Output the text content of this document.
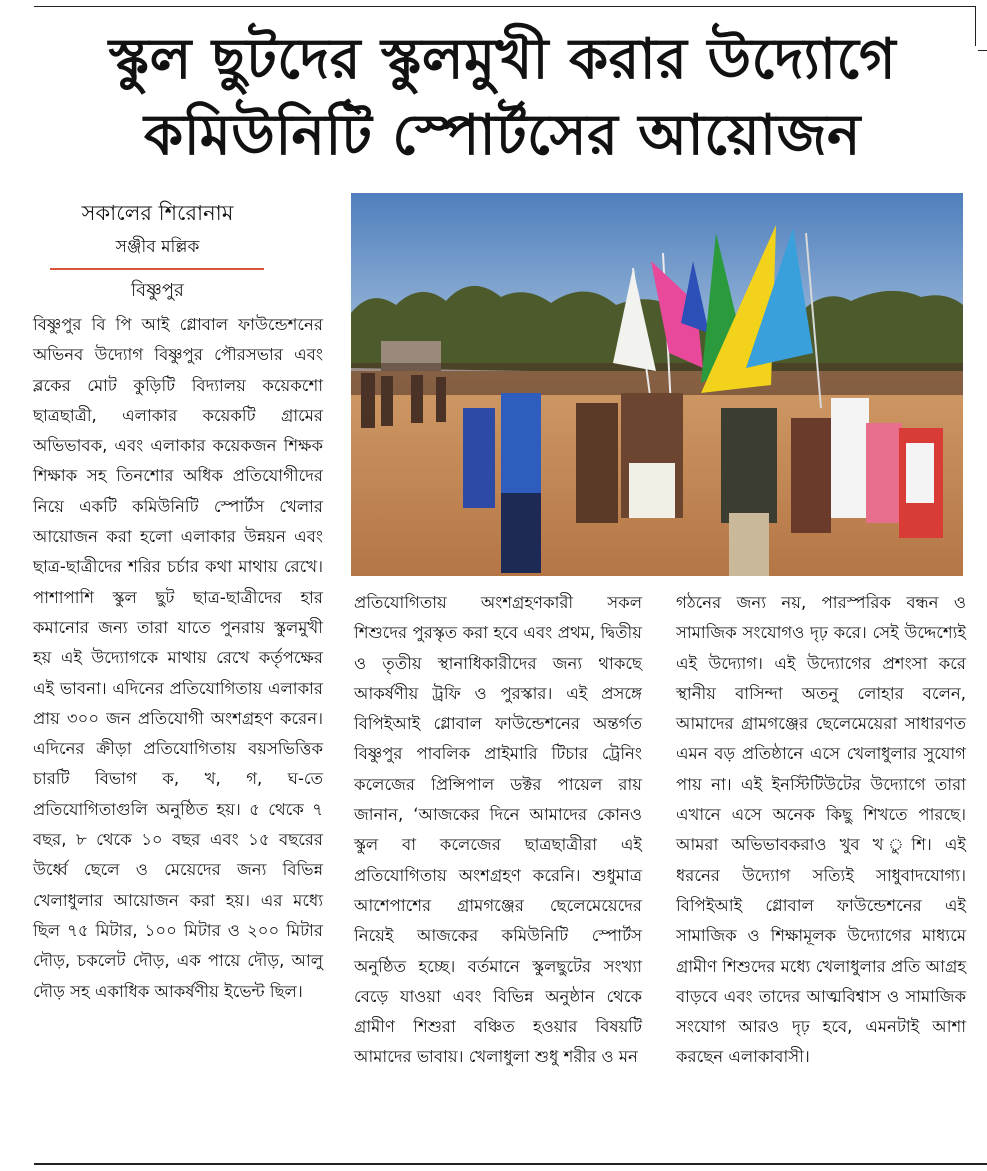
স্কুল ছুটদের স্কুলমুখী করার উদ্যোগে
কমিউনিটি স্পোর্টসের আয়োজন

সকালের শিরোনাম

সঞ্জীব মল্লিক

বিষ্ণুপুর

বিষ্ণুপুর বি পি আই গ্লোবাল ফাউন্ডেশনের অভিনব উদ্যোগ বিষ্ণুপুর পৌরসভার এবং ব্লকের মোট কুড়িটি বিদ্যালয় কয়েকশো ছাত্রছাত্রী, এলাকার কয়েকটি গ্রামের অভিভাবক, এবং এলাকার কয়েকজন শিক্ষক শিক্ষাক সহ তিনশোর অধিক প্রতিযোগীদের নিয়ে একটি কমিউনিটি স্পোর্টস খেলার আয়োজন করা হলো এলাকার উন্নয়ন এবং ছাত্র-ছাত্রীদের শরির চর্চার কথা মাথায় রেখে। পাশাপাশি স্কুল ছুট ছাত্র-ছাত্রীদের হার কমানোর জন্য তারা যাতে পুনরায় স্কুলমুখী হয় এই উদ্যোগকে মাথায় রেখে কর্তৃপক্ষের এই ভাবনা। এদিনের প্রতিযোগিতায় এলাকার প্রায় ৩০০ জন প্রতিযোগী অংশগ্রহণ করেন। এদিনের ক্রীড়া প্রতিযোগিতায় বয়সভিত্তিক চারটি বিভাগ ক, খ, গ, ঘ-তে প্রতিযোগিতাগুলি অনুষ্ঠিত হয়। ৫ থেকে ৭ বছর, ৮ থেকে ১০ বছর এবং ১৫ বছরের উর্ধ্বে ছেলে ও মেয়েদের জন্য বিভিন্ন খেলাধুলার আয়োজন করা হয়। এর মধ্যে ছিল ৭৫ মিটার, ১০০ মিটার ও ২০০ মিটার দৌড়, চকলেট দৌড়, এক পায়ে দৌড়, আলু দৌড় সহ একাধিক আকর্ষণীয় ইভেন্ট ছিল।

প্রতিযোগিতায় অংশগ্রহণকারী সকল শিশুদের পুরস্কৃত করা হবে এবং প্রথম, দ্বিতীয় ও তৃতীয় স্থানাধিকারীদের জন্য থাকছে আকর্ষণীয় ট্রফি ও পুরস্কার। এই প্রসঙ্গে বিপিইআই গ্লোবাল ফাউন্ডেশনের অন্তর্গত বিষ্ণুপুর পাবলিক প্রাইমারি টিচার ট্রেনিং কলেজের প্রিন্সিপাল ডক্টর পায়েল রায় জানান, ‘আজকের দিনে আমাদের কোনও স্কুল বা কলেজের ছাত্রছাত্রীরা এই প্রতিযোগিতায় অংশগ্রহণ করেনি। শুধুমাত্র আশেপাশের গ্রামগঞ্জের ছেলেমেয়েদের নিয়েই আজকের কমিউনিটি স্পোর্টস অনুষ্ঠিত হচ্ছে। বর্তমানে স্কুলছুটের সংখ্যা বেড়ে যাওয়া এবং বিভিন্ন অনুষ্ঠান থেকে গ্রামীণ শিশুরা বঞ্চিত হওয়ার বিষয়টি আমাদের ভাবায়। খেলাধুলা শুধু শরীর ও মন

গঠনের জন্য নয়, পারস্পরিক বন্ধন ও সামাজিক সংযোগও দৃঢ় করে। সেই উদ্দেশ্যেই এই উদ্যোগ। এই উদ্যোগের প্রশংসা করে স্থানীয় বাসিন্দা অতনু লোহার বলেন, আমাদের গ্রামগঞ্জের ছেলেমেয়েরা সাধারণত এমন বড় প্রতিষ্ঠানে এসে খেলাধুলার সুযোগ পায় না। এই ইনস্টিটিউটের উদ্যোগে তারা এখানে এসে অনেক কিছু শিখতে পারছে। আমরা অভিভাবকরাও খুব খ ুশি। এই ধরনের উদ্যোগ সত্যিই সাধুবাদযোগ্য। বিপিইআই গ্লোবাল ফাউন্ডেশনের এই সামাজিক ও শিক্ষামূলক উদ্যোগের মাধ্যমে গ্রামীণ শিশুদের মধ্যে খেলাধুলার প্রতি আগ্রহ বাড়বে এবং তাদের আত্মবিশ্বাস ও সামাজিক সংযোগ আরও দৃঢ় হবে, এমনটাই আশা করছেন এলাকাবাসী।
